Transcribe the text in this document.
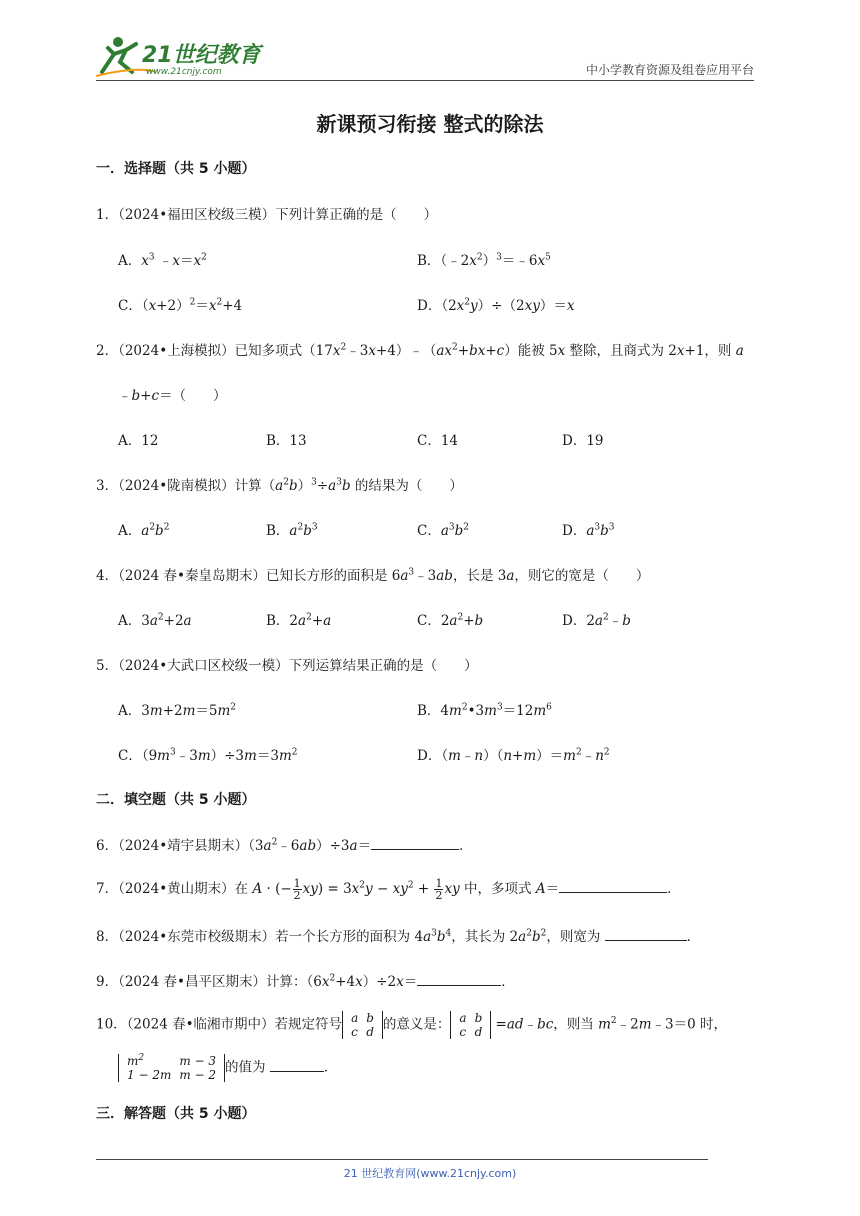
21世纪教育
www.21cnjy.com	中小学教育资源及组卷应用平台
新课预习衔接 整式的除法
一．选择题（共 5 小题）
1．（2024•福田区校级三模）下列计算正确的是（　　）
A．$x^3$ $﹣x=x^2$	B．$(﹣2x^2)^3=﹣6x^5$
C．$(x+2)^2=x^2+4$	D．$(2x^2y)\div(2xy)=x$
2．（2024•上海模拟）已知多项式$(17x^2﹣3x+4)﹣(ax^2+bx+c)$能被 5x 整除，且商式为 2x+1，则 a
﹣b+c＝（　　）
A．12	B．13	C．14	D．19
3．（2024•陇南模拟）计算$(a^2b)^3\div a^3b$ 的结果为（　　）
A．$a^2b^2$	B．$a^2b^3$	C．$a^3b^2$	D．$a^3b^3$
4．（2024 春•秦皇岛期末）已知长方形的面积是 $6a^3﹣3ab$，长是 3a，则它的宽是（　　）
A．$3a^2+2a$	B．$2a^2+a$	C．$2a^2+b$	D．$2a^2﹣b$
5．（2024•大武口区校级一模）下列运算结果正确的是（　　）
A．$3m+2m=5m^2$	B．$4m^2•3m^3=12m^6$
C．$(9m^3﹣3m)\div 3m=3m^2$	D．$(m﹣n)(n+m)=m^2﹣n^2$
二．填空题（共 5 小题）
6．（2024•靖宇县期末）$(3a^2﹣6ab)\div 3a=$	．
7．（2024•黄山期末）在 A · (− $\frac{1}{2} xy) = 3x^2y - xy^2 + \frac{1}{2}$ xy 中，多项式 A＝	．
8．（2024•东莞市校级期末）若一个长方形的面积为 $4a^3b^4$，其长为 $2a^2b^2$，则宽为	．
9．（2024 春•昌平区期末）计算：$(6x^2+4x)\div 2x=$	．
10．（2024 春•临湘市期中）若规定符号 a	b
c	d 的意义是： a	b
c	d =ad﹣bc，则当 $m^2﹣2m﹣3=0$ 时，
$m^2$	m − 3
1 − 2m	m − 2 的值为	．
三．解答题（共 5 小题）
21 世纪教育网(www.21cnjy.com)
